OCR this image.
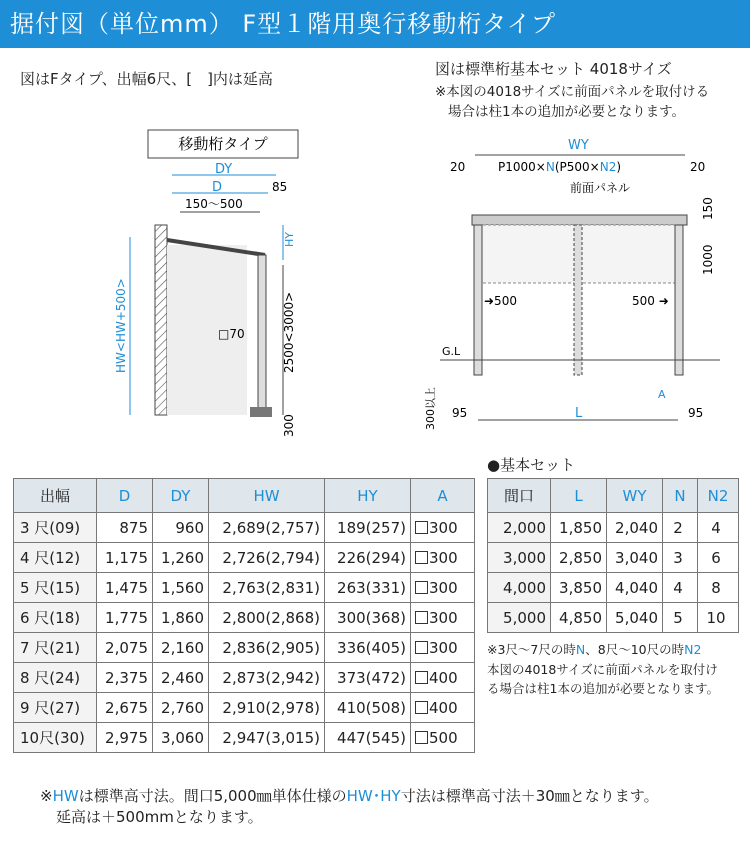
据付図（単位mm） F型１階用奥行移動桁タイプ
図はFタイプ、出幅6尺、[　]内は延高
図は標準桁基本セット 4018サイズ
※本図の4018サイズに前面パネルを取付ける
場合は柱1本の追加が必要となります。
移動桁タイプ
DY
D	85
150～500
HY
HW<HW+500>	□70	2500<3000>
300
WY
20	20
P1000×N(P500×N2)
前面パネル
150
1000
➜500	500 ➜
G.L
A
300以上 95	95
L
出幅	D	DY	HW	HY	A
3 尺(09)	875	960	2,689(2,757)	189(257)	300
4 尺(12)	1,175	1,260	2,726(2,794)	226(294)	300
5 尺(15)	1,475	1,560	2,763(2,831)	263(331)	300
6 尺(18)	1,775	1,860	2,800(2,868)	300(368)	300
7 尺(21)	2,075	2,160	2,836(2,905)	336(405)	300
8 尺(24)	2,375	2,460	2,873(2,942)	373(472)	400
9 尺(27)	2,675	2,760	2,910(2,978)	410(508)	400
10尺(30)	2,975	3,060	2,947(3,015)	447(545)	500
●基本セット
間口	L	WY	N	N2
2,000	1,850	2,040	2	4
3,000	2,850	3,040	3	6
4,000	3,850	4,040	4	8
5,000	4,850	5,040	5	10
※3尺～7尺の時N、8尺～10尺の時N2
本図の4018サイズに前面パネルを取付け
る場合は柱1本の追加が必要となります。
※HWは標準高寸法。間口5,000㎜単体仕様のHW･HY寸法は標準高寸法＋30㎜となります。
延高は＋500mmとなります。
